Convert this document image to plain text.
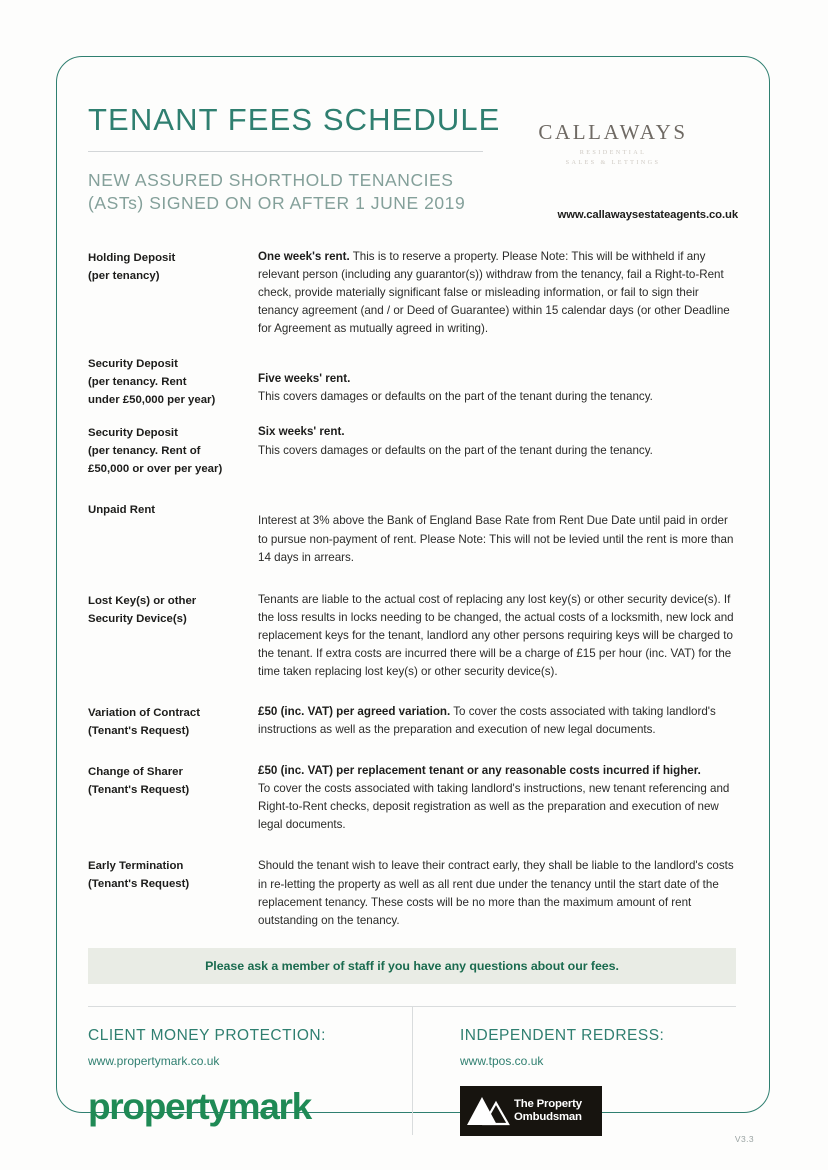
TENANT FEES SCHEDULE
NEW ASSURED SHORTHOLD TENANCIES
(ASTs) SIGNED ON OR AFTER 1 JUNE 2019
CALLAWAYS
RESIDENTIAL
SALES & LETTINGS
www.callawaysestateagents.co.uk
Holding Deposit
(per tenancy)
One week's rent. This is to reserve a property. Please Note: This will be withheld if any relevant person (including any guarantor(s)) withdraw from the tenancy, fail a Right-to-Rent check, provide materially significant false or misleading information, or fail to sign their tenancy agreement (and / or Deed of Guarantee) within 15 calendar days (or other Deadline for Agreement as mutually agreed in writing).
Security Deposit
(per tenancy. Rent
under £50,000 per year)
Five weeks' rent.
This covers damages or defaults on the part of the tenant during the tenancy.
Security Deposit
(per tenancy. Rent of
£50,000 or over per year)
Six weeks' rent.
This covers damages or defaults on the part of the tenant during the tenancy.
Unpaid Rent
Interest at 3% above the Bank of England Base Rate from Rent Due Date until paid in order to pursue non-payment of rent. Please Note: This will not be levied until the rent is more than 14 days in arrears.
Lost Key(s) or other
Security Device(s)
Tenants are liable to the actual cost of replacing any lost key(s) or other security device(s). If the loss results in locks needing to be changed, the actual costs of a locksmith, new lock and replacement keys for the tenant, landlord any other persons requiring keys will be charged to the tenant. If extra costs are incurred there will be a charge of £15 per hour (inc. VAT) for the time taken replacing lost key(s) or other security device(s).
Variation of Contract
(Tenant's Request)
£50 (inc. VAT) per agreed variation. To cover the costs associated with taking landlord's instructions as well as the preparation and execution of new legal documents.
Change of Sharer
(Tenant's Request)
£50 (inc. VAT) per replacement tenant or any reasonable costs incurred if higher.
To cover the costs associated with taking landlord's instructions, new tenant referencing and Right-to-Rent checks, deposit registration as well as the preparation and execution of new legal documents.
Early Termination
(Tenant's Request)
Should the tenant wish to leave their contract early, they shall be liable to the landlord's costs in re-letting the property as well as all rent due under the tenancy until the start date of the replacement tenancy. These costs will be no more than the maximum amount of rent outstanding on the tenancy.
Please ask a member of staff if you have any questions about our fees.
CLIENT MONEY PROTECTION:
www.propertymark.co.uk
propertymark
INDEPENDENT REDRESS:
www.tpos.co.uk
The Property
Ombudsman
V3.3
